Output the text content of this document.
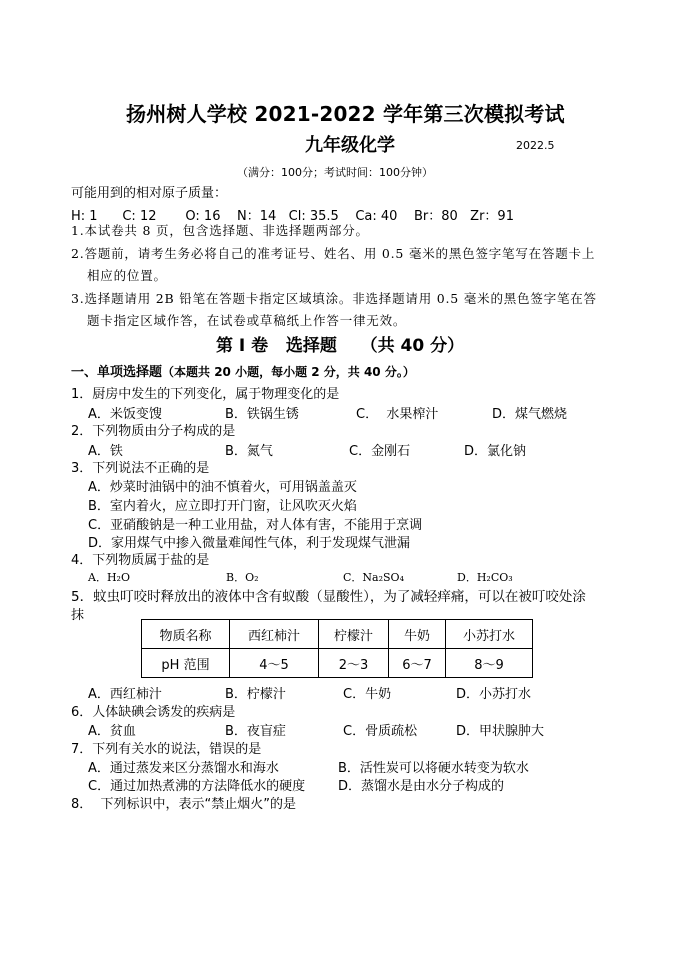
扬州树人学校 2021-2022 学年第三次模拟考试
九年级化学	2022.5
（满分：100分；考试时间：100分钟）
可能用到的相对原子质量：
H: 1      C: 12       O: 16    N：14   Cl: 35.5    Ca: 40    Br：80   Zr：91
1.本试卷共 8 页，包含选择题、非选择题两部分。
2.答题前，请考生务必将自己的准考证号、姓名、用 0.5 毫米的黑色签字笔写在答题卡上
相应的位置。
3.选择题请用 2B 铅笔在答题卡指定区域填涂。非选择题请用 0.5 毫米的黑色签字笔在答
题卡指定区域作答，在试卷或草稿纸上作答一律无效。
第 I 卷   选择题    （共 40 分）
一、单项选择题（本题共 20 小题，每小题 2 分，共 40 分。）
1．厨房中发生的下列变化，属于物理变化的是
A．米饭变馊	B．铁锅生锈	C．  水果榨汁	D．煤气燃烧
2．下列物质由分子构成的是
A．铁	B．氮气	C．金刚石	D．氯化钠
3．下列说法不正确的是
A．炒菜时油锅中的油不慎着火，可用锅盖盖灭
B．室内着火，应立即打开门窗，让风吹灭火焰
C．亚硝酸钠是一种工业用盐，对人体有害，不能用于烹调
D．家用煤气中掺入微量难闻性气体，利于发现煤气泄漏
4．下列物质属于盐的是
A．H₂O	B．O₂	C．Na₂SO₄	D．H₂CO₃
5．蚊虫叮咬时释放出的液体中含有蚁酸（显酸性），为了减轻痒痛，可以在被叮咬处涂
抹
物质名称	西红柿汁	柠檬汁	牛奶	小苏打水
pH 范围	4～5	2～3	6～7	8～9
A．西红柿汁	B．柠檬汁	C．牛奶	D．小苏打水
6．人体缺碘会诱发的疾病是
A．贫血	B．夜盲症	C．骨质疏松	D．甲状腺肿大
7．下列有关水的说法，错误的是
A．通过蒸发来区分蒸馏水和海水	B．活性炭可以将硬水转变为软水
C．通过加热煮沸的方法降低水的硬度	D．蒸馏水是由水分子构成的
8．  下列标识中，表示“禁止烟火”的是
